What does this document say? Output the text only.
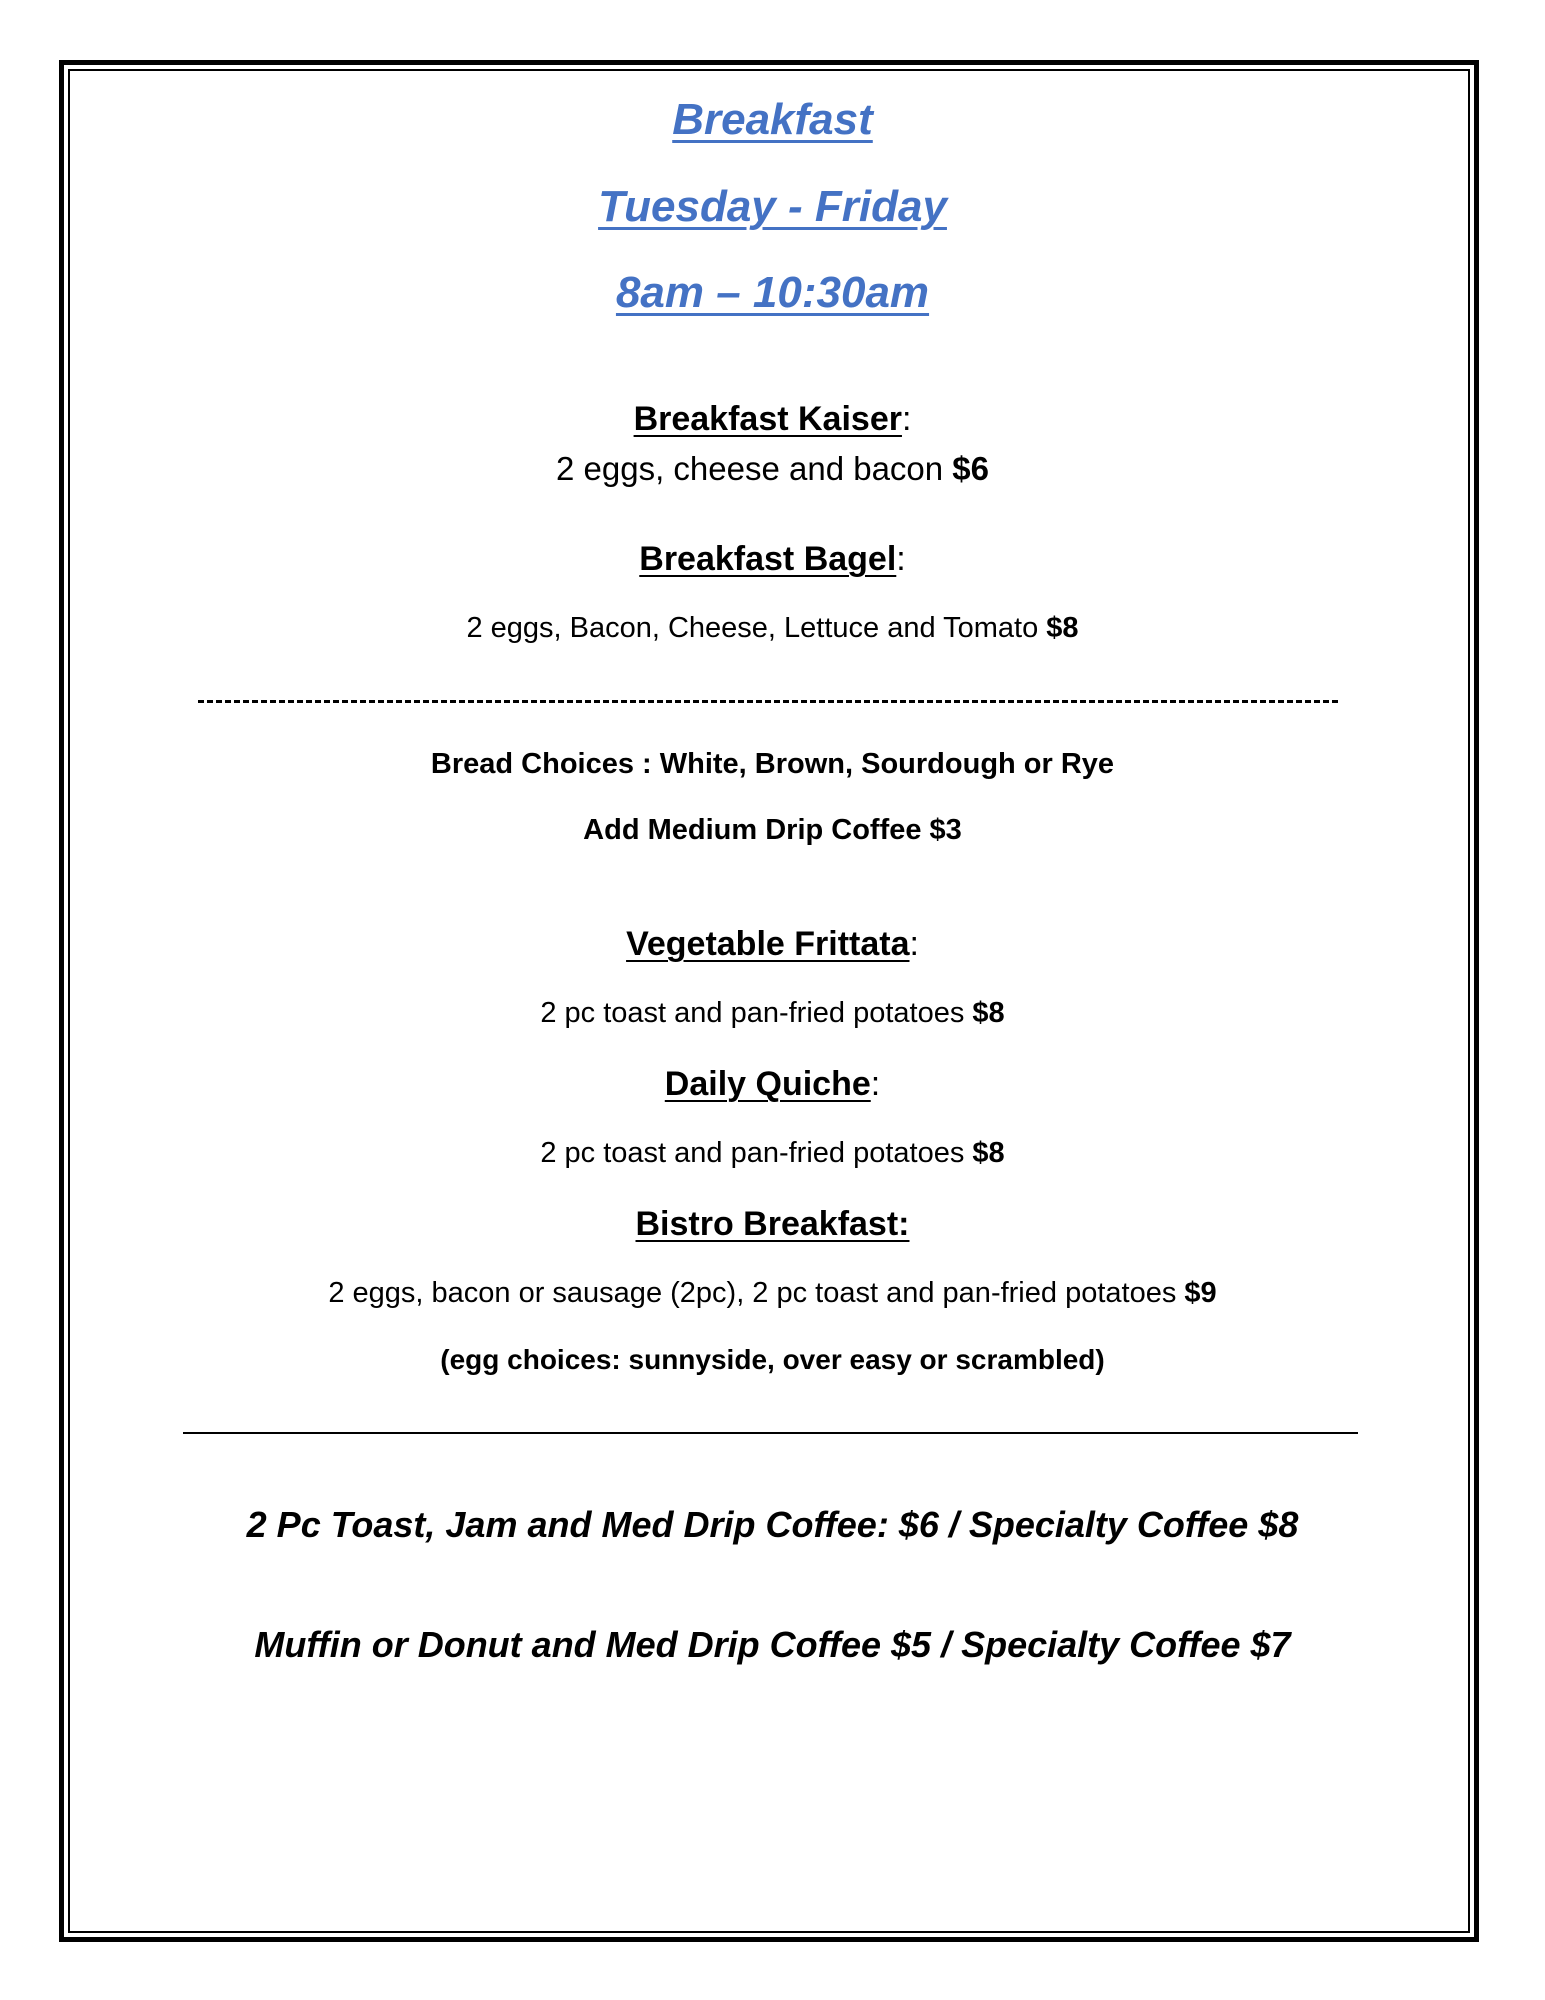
Breakfast
Tuesday - Friday
8am – 10:30am
Breakfast Kaiser:
2 eggs, cheese and bacon $6
Breakfast Bagel:
2 eggs, Bacon, Cheese, Lettuce and Tomato $8
Bread Choices : White, Brown, Sourdough or Rye
Add Medium Drip Coffee $3
Vegetable Frittata:
2 pc toast and pan-fried potatoes $8
Daily Quiche:
2 pc toast and pan-fried potatoes $8
Bistro Breakfast:
2 eggs, bacon or sausage (2pc), 2 pc toast and pan-fried potatoes $9
(egg choices: sunnyside, over easy or scrambled)
2 Pc Toast, Jam and Med Drip Coffee: $6 / Specialty Coffee $8
Muffin or Donut and Med Drip Coffee $5 / Specialty Coffee $7
